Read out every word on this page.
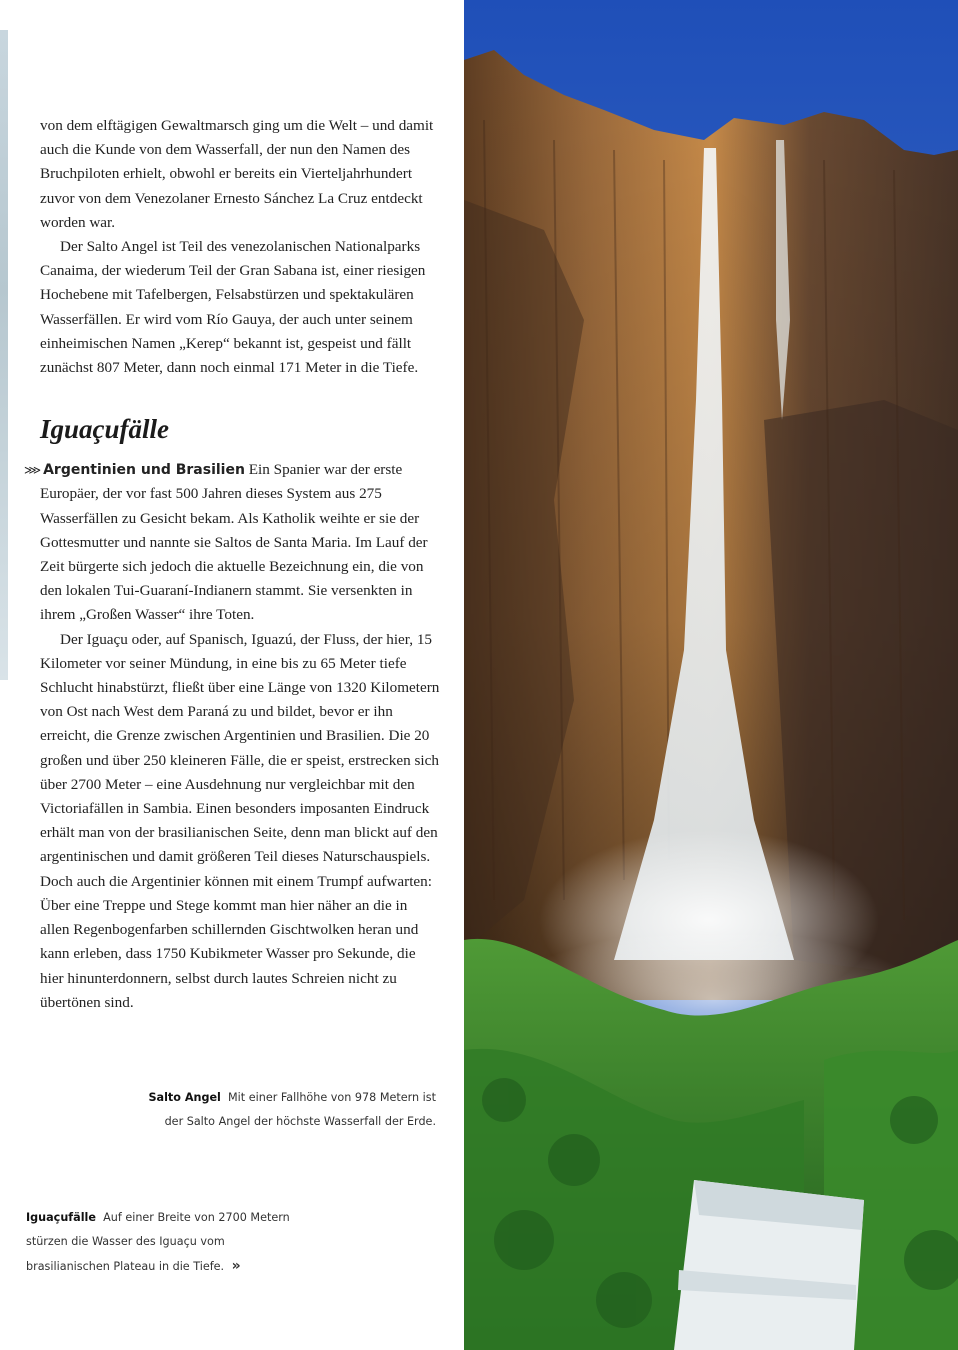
von dem elftägigen Gewaltmarsch ging um die Welt – und damit auch die Kunde von dem Wasserfall, der nun den Namen des Bruchpiloten erhielt, obwohl er bereits ein Vierteljahrhundert zuvor von dem Venezolaner Ernesto Sánchez La Cruz entdeckt worden war.

Der Salto Angel ist Teil des venezolanischen Nationalparks Canaima, der wiederum Teil der Gran Sabana ist, einer riesigen Hochebene mit Tafelbergen, Felsabstürzen und spektakulären Wasserfällen. Er wird vom Río Gauya, der auch unter seinem einheimischen Namen „Kerep“ bekannt ist, gespeist und fällt zunächst 807 Meter, dann noch einmal 171 Meter in die Tiefe.

Iguaçufälle

⋙ Argentinien und Brasilien Ein Spanier war der erste Europäer, der vor fast 500 Jahren dieses System aus 275 Wasserfällen zu Gesicht bekam. Als Katholik weihte er sie der Gottesmutter und nannte sie Saltos de Santa Maria. Im Lauf der Zeit bürgerte sich jedoch die aktuelle Bezeichnung ein, die von den lokalen Tui-Guaraní-Indianern stammt. Sie versenkten in ihrem „Großen Wasser“ ihre Toten.

Der Iguaçu oder, auf Spanisch, Iguazú, der Fluss, der hier, 15 Kilometer vor seiner Mündung, in eine bis zu 65 Meter tiefe Schlucht hinabstürzt, fließt über eine Länge von 1320 Kilometern von Ost nach West dem Paraná zu und bildet, bevor er ihn erreicht, die Grenze zwischen Argentinien und Brasilien. Die 20 großen und über 250 kleineren Fälle, die er speist, erstrecken sich über 2700 Meter – eine Ausdehnung nur vergleichbar mit den Victoriafällen in Sambia. Einen besonders imposanten Eindruck erhält man von der brasilianischen Seite, denn man blickt auf den argentinischen und damit größeren Teil dieses Naturschauspiels. Doch auch die Argentinier können mit einem Trumpf aufwarten: Über eine Treppe und Stege kommt man hier näher an die in allen Regenbogenfarben schillernden Gischtwolken heran und kann erleben, dass 1750 Kubikmeter Wasser pro Sekunde, die hier hinunterdonnern, selbst durch lautes Schreien nicht zu übertönen sind.

Salto Angel Mit einer Fallhöhe von 978 Metern ist der Salto Angel der höchste Wasserfall der Erde.
Iguaçufälle Auf einer Breite von 2700 Metern stürzen die Wasser des Iguaçu vom brasilianischen Plateau in die Tiefe. »
